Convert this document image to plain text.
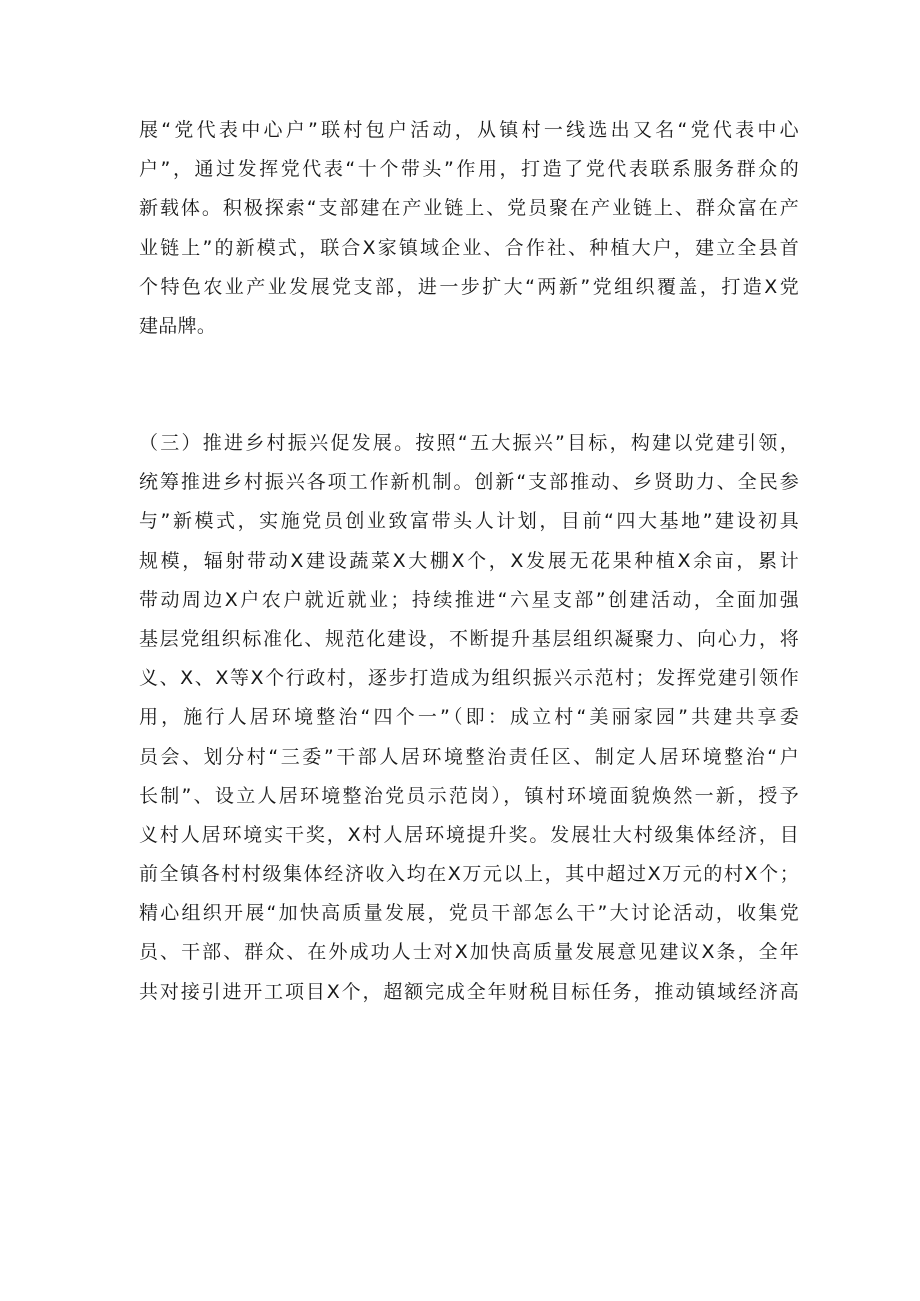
展“党代表中心户”联村包户活动，从镇村一线选出又名“党代表中心
户”，通过发挥党代表“十个带头”作用，打造了党代表联系服务群众的
新载体。积极探索“支部建在产业链上、党员聚在产业链上、群众富在产
业链上”的新模式，联合X家镇域企业、合作社、种植大户，建立全县首
个特色农业产业发展党支部，进一步扩大“两新”党组织覆盖，打造X党
建品牌。
（三）推进乡村振兴促发展。按照“五大振兴”目标，构建以党建引领，
统筹推进乡村振兴各项工作新机制。创新“支部推动、乡贤助力、全民参
与”新模式，实施党员创业致富带头人计划，目前“四大基地”建设初具
规模，辐射带动X建设蔬菜X大棚X个，X发展无花果种植X余亩，累计
带动周边X户农户就近就业；持续推进“六星支部”创建活动，全面加强
基层党组织标准化、规范化建设，不断提升基层组织凝聚力、向心力，将
义、X、X等X个行政村，逐步打造成为组织振兴示范村；发挥党建引领作
用，施行人居环境整治“四个一”（即：成立村“美丽家园”共建共享委
员会、划分村“三委”干部人居环境整治责任区、制定人居环境整治“户
长制”、设立人居环境整治党员示范岗），镇村环境面貌焕然一新，授予
义村人居环境实干奖，X村人居环境提升奖。发展壮大村级集体经济，目
前全镇各村村级集体经济收入均在X万元以上，其中超过X万元的村X个；
精心组织开展“加快高质量发展，党员干部怎么干”大讨论活动，收集党
员、干部、群众、在外成功人士对X加快高质量发展意见建议X条，全年
共对接引进开工项目X个，超额完成全年财税目标任务，推动镇域经济高
